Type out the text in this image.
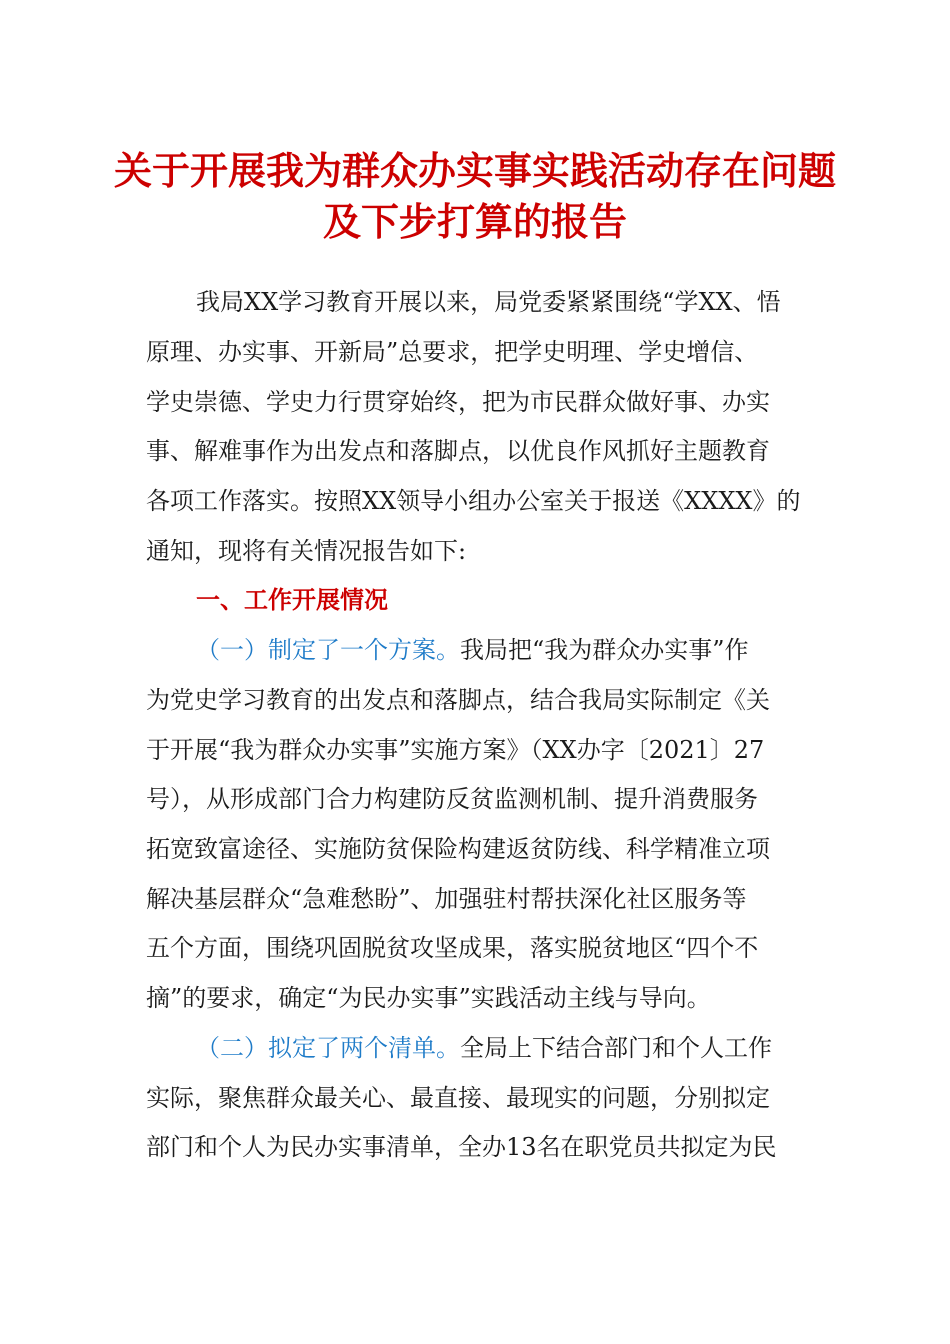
关于开展我为群众办实事实践活动存在问题
及下步打算的报告
我局XX学习教育开展以来，局党委紧紧围绕“学XX、悟
原理、办实事、开新局”总要求，把学史明理、学史增信、
学史崇德、学史力行贯穿始终，把为市民群众做好事、办实
事、解难事作为出发点和落脚点，以优良作风抓好主题教育
各项工作落实。按照XX领导小组办公室关于报送《XXXX》的
通知，现将有关情况报告如下:
一、工作开展情况
（一）制定了一个方案。我局把“我为群众办实事”作
为党史学习教育的出发点和落脚点，结合我局实际制定《关
于开展“我为群众办实事”实施方案》（XX办字〔2021〕27
号），从形成部门合力构建防反贫监测机制、提升消费服务
拓宽致富途径、实施防贫保险构建返贫防线、科学精准立项
解决基层群众“急难愁盼”、加强驻村帮扶深化社区服务等
五个方面，围绕巩固脱贫攻坚成果，落实脱贫地区“四个不
摘”的要求，确定“为民办实事”实践活动主线与导向。
（二）拟定了两个清单。全局上下结合部门和个人工作
实际，聚焦群众最关心、最直接、最现实的问题，分别拟定
部门和个人为民办实事清单，全办13名在职党员共拟定为民
